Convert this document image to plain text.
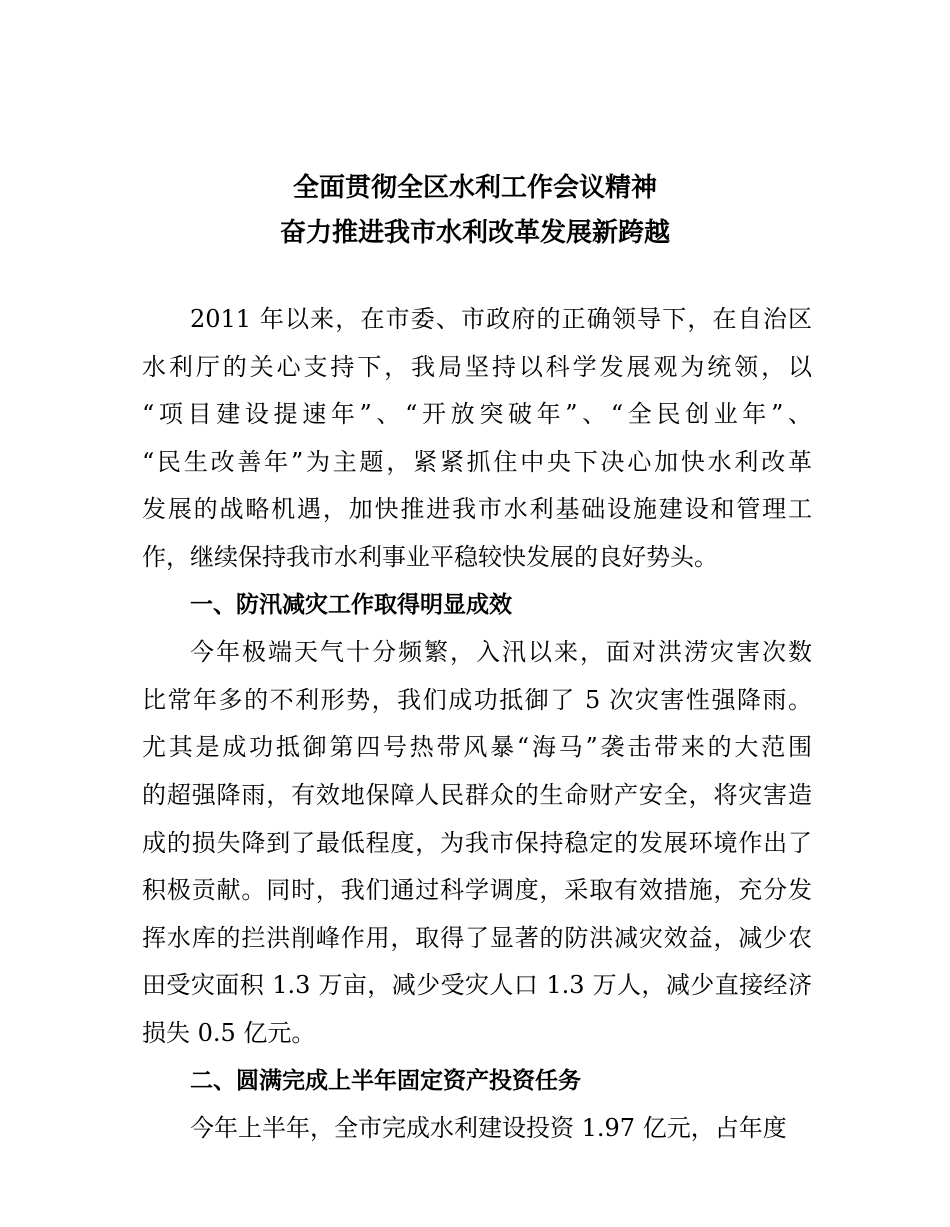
全面贯彻全区水利工作会议精神
奋力推进我市水利改革发展新跨越
2011 年以来，在市委、市政府的正确领导下，在自治区
水利厅的关心支持下，我局坚持以科学发展观为统领，以
“项目建设提速年”、“开放突破年”、“全民创业年”、
“民生改善年”为主题，紧紧抓住中央下决心加快水利改革
发展的战略机遇，加快推进我市水利基础设施建设和管理工
作，继续保持我市水利事业平稳较快发展的良好势头。
一、防汛减灾工作取得明显成效
今年极端天气十分频繁，入汛以来，面对洪涝灾害次数
比常年多的不利形势，我们成功抵御了 5 次灾害性强降雨。
尤其是成功抵御第四号热带风暴“海马”袭击带来的大范围
的超强降雨，有效地保障人民群众的生命财产安全，将灾害造
成的损失降到了最低程度，为我市保持稳定的发展环境作出了
积极贡献。同时，我们通过科学调度，采取有效措施，充分发
挥水库的拦洪削峰作用，取得了显著的防洪减灾效益，减少农
田受灾面积 1.3 万亩，减少受灾人口 1.3 万人，减少直接经济
损失 0.5 亿元。
二、圆满完成上半年固定资产投资任务
今年上半年，全市完成水利建设投资 1.97 亿元，占年度
